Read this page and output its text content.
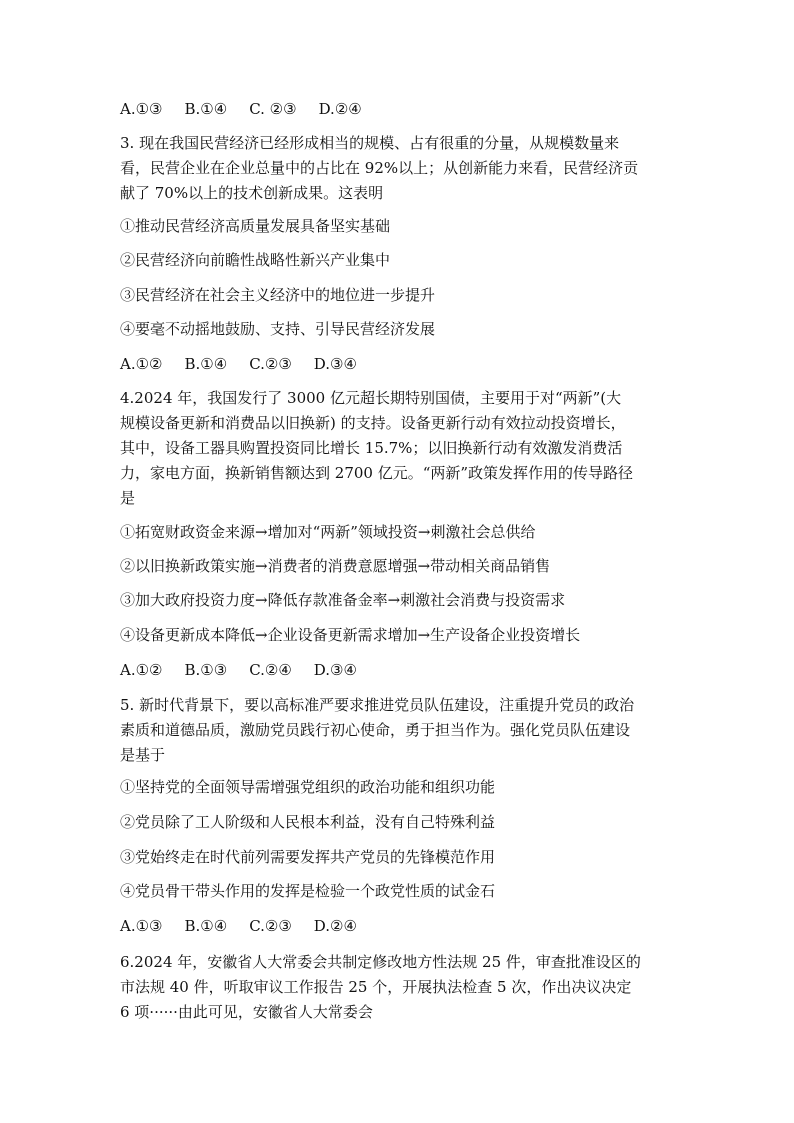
A.①③ B.①④ C. ②③ D.②④
3. 现在我国民营经济已经形成相当的规模、占有很重的分量，从规模数量来
看，民营企业在企业总量中的占比在 92%以上；从创新能力来看，民营经济贡
献了 70%以上的技术创新成果。这表明
①推动民营经济高质量发展具备坚实基础
②民营经济向前瞻性战略性新兴产业集中
③民营经济在社会主义经济中的地位进一步提升
④要毫不动摇地鼓励、支持、引导民营经济发展
A.①② B.①④ C.②③ D.③④
4.2024 年，我国发行了 3000 亿元超长期特别国债，主要用于对“两新”(大
规模设备更新和消费品以旧换新) 的支持。设备更新行动有效拉动投资增长，
其中，设备工器具购置投资同比增长 15.7%；以旧换新行动有效激发消费活
力，家电方面，换新销售额达到 2700 亿元。“两新”政策发挥作用的传导路径
是
①拓宽财政资金来源→增加对“两新”领域投资→刺激社会总供给
②以旧换新政策实施→消费者的消费意愿增强→带动相关商品销售
③加大政府投资力度→降低存款准备金率→刺激社会消费与投资需求
④设备更新成本降低→企业设备更新需求增加→生产设备企业投资增长
A.①② B.①③ C.②④ D.③④
5. 新时代背景下，要以高标准严要求推进党员队伍建设，注重提升党员的政治
素质和道德品质，激励党员践行初心使命，勇于担当作为。强化党员队伍建设
是基于
①坚持党的全面领导需增强党组织的政治功能和组织功能
②党员除了工人阶级和人民根本利益，没有自己特殊利益
③党始终走在时代前列需要发挥共产党员的先锋模范作用
④党员骨干带头作用的发挥是检验一个政党性质的试金石
A.①③ B.①④ C.②③ D.②④
6.2024 年，安徽省人大常委会共制定修改地方性法规 25 件，审查批准设区的
市法规 40 件，听取审议工作报告 25 个，开展执法检查 5 次，作出决议决定
6 项······由此可见，安徽省人大常委会
